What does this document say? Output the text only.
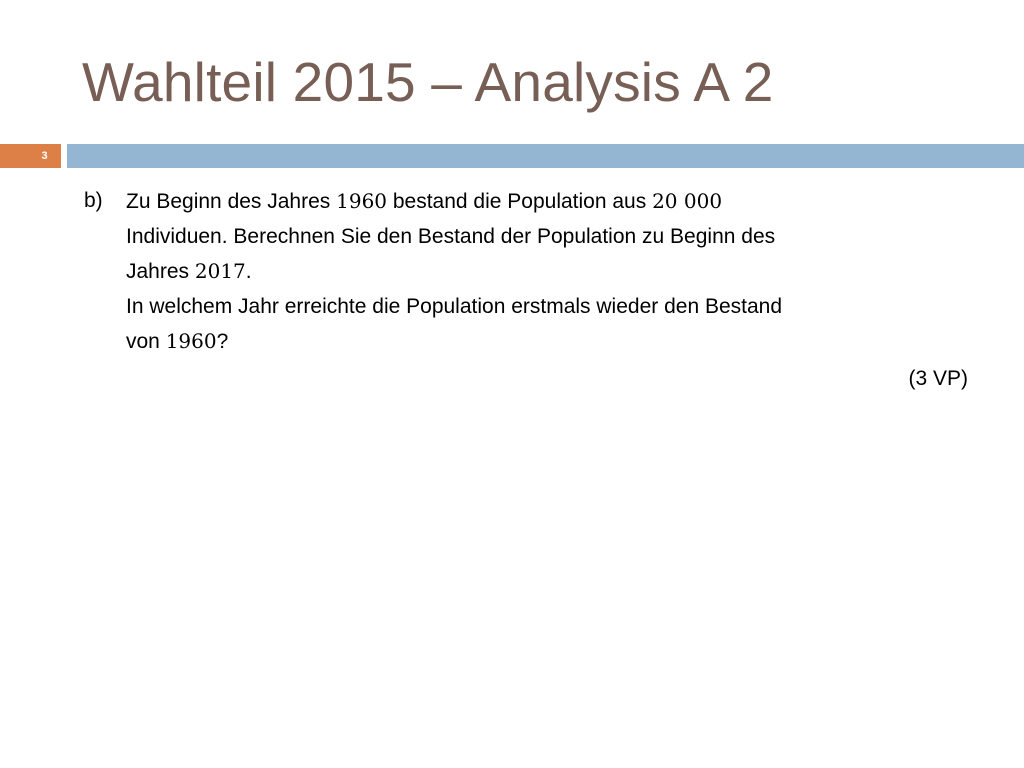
Wahlteil 2015 – Analysis A 2
3
b)	Zu Beginn des Jahres 1960 bestand die Population aus 20 000
Individuen. Berechnen Sie den Bestand der Population zu Beginn des
Jahres 2017.
In welchem Jahr erreichte die Population erstmals wieder den Bestand
von 1960?
(3 VP)
